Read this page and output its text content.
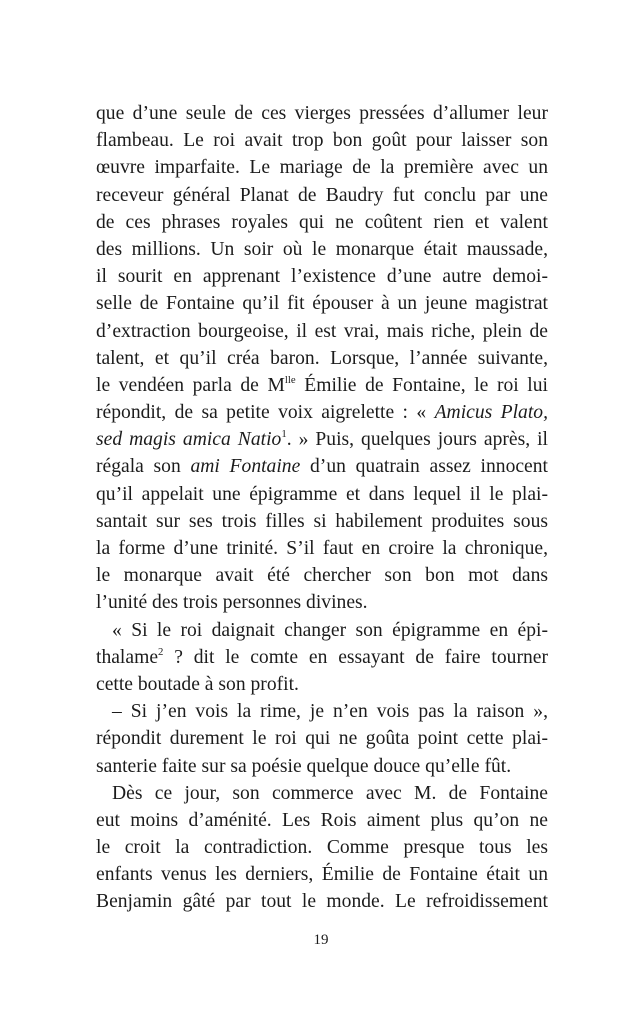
que d’une seule de ces vierges pressées d’allumer leur
flambeau. Le roi avait trop bon goût pour laisser son
œuvre imparfaite. Le mariage de la première avec un
receveur général Planat de Baudry fut conclu par une
de ces phrases royales qui ne coûtent rien et valent
des millions. Un soir où le monarque était maussade,
il sourit en apprenant l’existence d’une autre demoi-
selle de Fontaine qu’il fit épouser à un jeune magistrat
d’extraction bourgeoise, il est vrai, mais riche, plein de
talent, et qu’il créa baron. Lorsque, l’année suivante,
le vendéen parla de $M^{lle}$ Émilie de Fontaine, le roi lui
répondit, de sa petite voix aigrelette : « Amicus Plato,
sed magis amica Natio$^1$. » Puis, quelques jours après, il
régala son ami Fontaine d’un quatrain assez innocent
qu’il appelait une épigramme et dans lequel il le plai-
santait sur ses trois filles si habilement produites sous
la forme d’une trinité. S’il faut en croire la chronique,
le monarque avait été chercher son bon mot dans
l’unité des trois personnes divines.
« Si le roi daignait changer son épigramme en épi-
thalame$^2$ ? dit le comte en essayant de faire tourner
cette boutade à son profit.
– Si j’en vois la rime, je n’en vois pas la raison »,
répondit durement le roi qui ne goûta point cette plai-
santerie faite sur sa poésie quelque douce qu’elle fût.
Dès ce jour, son commerce avec M. de Fontaine
eut moins d’aménité. Les Rois aiment plus qu’on ne
le croit la contradiction. Comme presque tous les
enfants venus les derniers, Émilie de Fontaine était un
Benjamin gâté par tout le monde. Le refroidissement
19
